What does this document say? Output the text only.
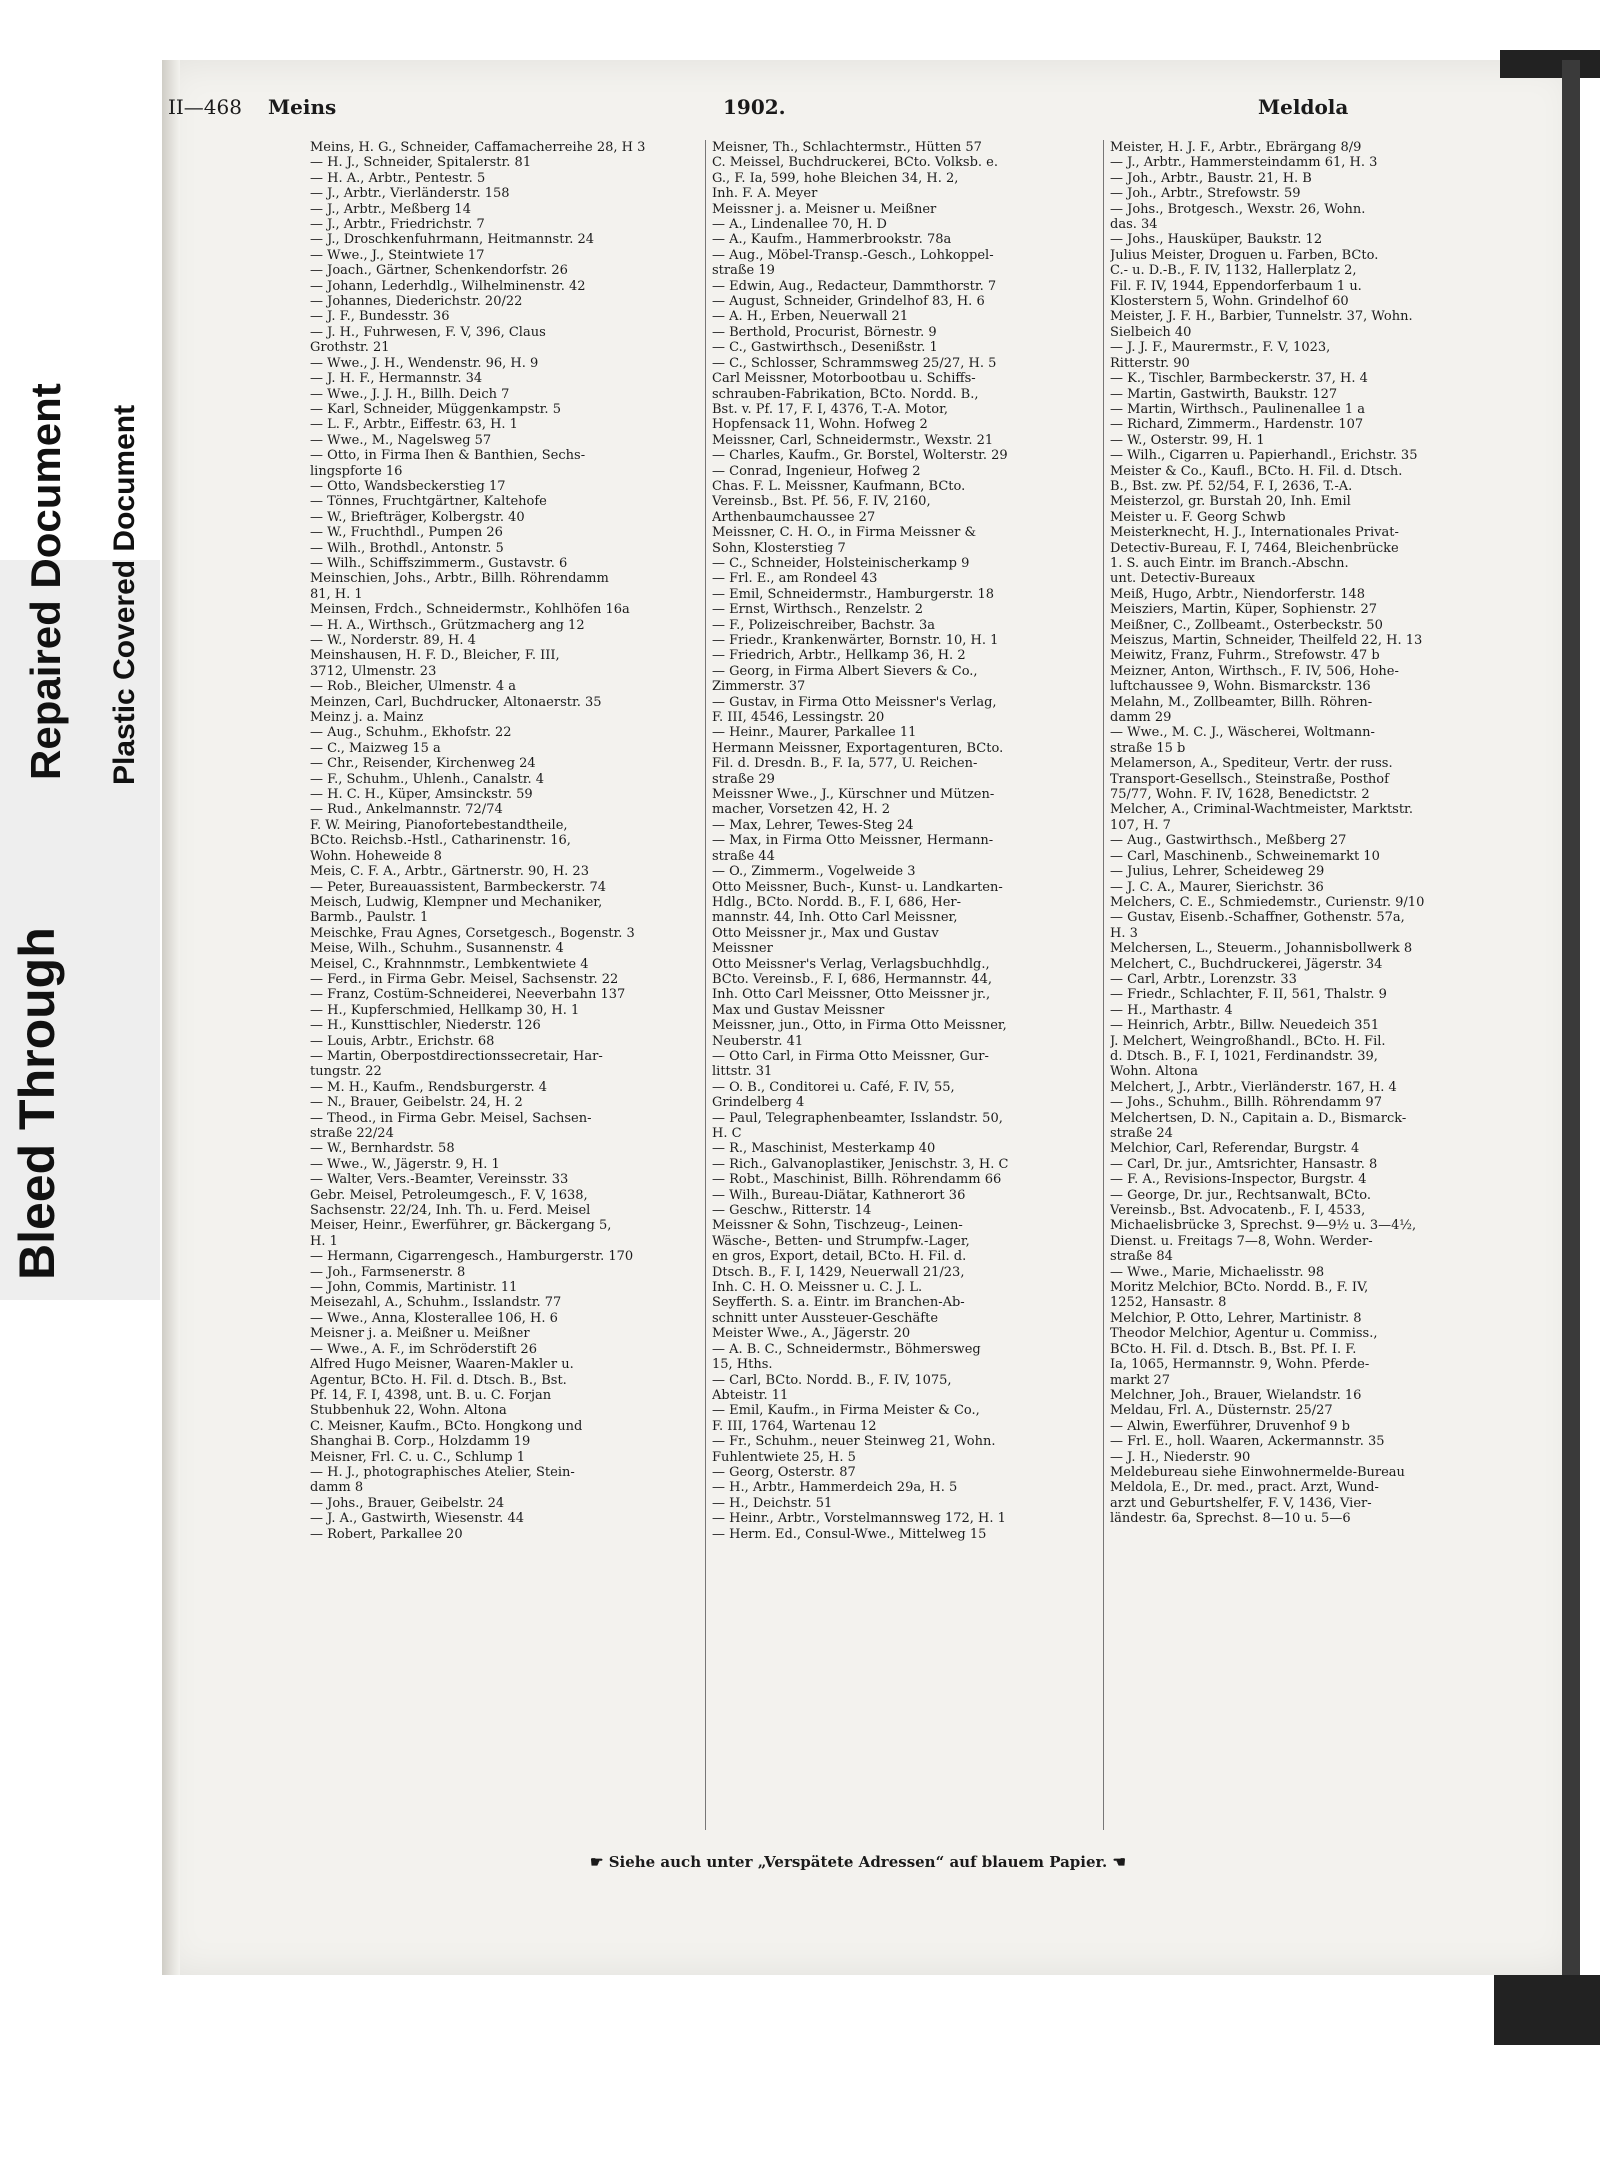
Bleed Through
Repaired Document Plastic Covered Document
II—468 Meins	1902.	Meldola
Meins, H. G., Schneider, Caffamacherreihe 28, H 3
— H. J., Schneider, Spitalerstr. 81
— H. A., Arbtr., Pentestr. 5
— J., Arbtr., Vierländerstr. 158
— J., Arbtr., Meßberg 14
— J., Arbtr., Friedrichstr. 7
— J., Droschkenfuhrmann, Heitmannstr. 24
— Wwe., J., Steintwiete 17
— Joach., Gärtner, Schenkendorfstr. 26
— Johann, Lederhdlg., Wilhelminenstr. 42
— Johannes, Diederichstr. 20/22
— J. F., Bundesstr. 36
— J. H., Fuhrwesen, F. V, 396, Claus
Grothstr. 21
— Wwe., J. H., Wendenstr. 96, H. 9
— J. H. F., Hermannstr. 34
— Wwe., J. J. H., Billh. Deich 7
— Karl, Schneider, Müggenkampstr. 5
— L. F., Arbtr., Eiffestr. 63, H. 1
— Wwe., M., Nagelsweg 57
— Otto, in Firma Ihen & Banthien, Sechs-
lingspforte 16
— Otto, Wandsbeckerstieg 17
— Tönnes, Fruchtgärtner, Kaltehofe
— W., Briefträger, Kolbergstr. 40
— W., Fruchthdl., Pumpen 26
— Wilh., Brothdl., Antonstr. 5
— Wilh., Schiffszimmerm., Gustavstr. 6
Meinschien, Johs., Arbtr., Billh. Röhrendamm
81, H. 1
Meinsen, Frdch., Schneidermstr., Kohlhöfen 16a
— H. A., Wirthsch., Grützmacherg ang 12
— W., Norderstr. 89, H. 4
Meinshausen, H. F. D., Bleicher, F. III,
3712, Ulmenstr. 23
— Rob., Bleicher, Ulmenstr. 4 a
Meinzen, Carl, Buchdrucker, Altonaerstr. 35
Meinz j. a. Mainz
— Aug., Schuhm., Ekhofstr. 22
— C., Maizweg 15 a
— Chr., Reisender, Kirchenweg 24
— F., Schuhm., Uhlenh., Canalstr. 4
— H. C. H., Küper, Amsinckstr. 59
— Rud., Ankelmannstr. 72/74
F. W. Meiring, Pianofortebestandtheile,
BCto. Reichsb.-Hstl., Catharinenstr. 16,
Wohn. Hoheweide 8
Meis, C. F. A., Arbtr., Gärtnerstr. 90, H. 23
— Peter, Bureauassistent, Barmbeckerstr. 74
Meisch, Ludwig, Klempner und Mechaniker,
Barmb., Paulstr. 1
Meischke, Frau Agnes, Corsetgesch., Bogenstr. 3
Meise, Wilh., Schuhm., Susannenstr. 4
Meisel, C., Krahnnmstr., Lembkentwiete 4
— Ferd., in Firma Gebr. Meisel, Sachsenstr. 22
— Franz, Costüm-Schneiderei, Neeverbahn 137
— H., Kupferschmied, Hellkamp 30, H. 1
— H., Kunsttischler, Niederstr. 126
— Louis, Arbtr., Erichstr. 68
— Martin, Oberpostdirectionssecretair, Har-
tungstr. 22
— M. H., Kaufm., Rendsburgerstr. 4
— N., Brauer, Geibelstr. 24, H. 2
— Theod., in Firma Gebr. Meisel, Sachsen-
straße 22/24
— W., Bernhardstr. 58
— Wwe., W., Jägerstr. 9, H. 1
— Walter, Vers.-Beamter, Vereinsstr. 33
Gebr. Meisel, Petroleumgesch., F. V, 1638,
Sachsenstr. 22/24, Inh. Th. u. Ferd. Meisel
Meiser, Heinr., Ewerführer, gr. Bäckergang 5,
H. 1
— Hermann, Cigarrengesch., Hamburgerstr. 170
— Joh., Farmsenerstr. 8
— John, Commis, Martinistr. 11
Meisezahl, A., Schuhm., Isslandstr. 77
— Wwe., Anna, Klosterallee 106, H. 6
Meisner j. a. Meißner u. Meißner
— Wwe., A. F., im Schröderstift 26
Alfred Hugo Meisner, Waaren-Makler u.
Agentur, BCto. H. Fil. d. Dtsch. B., Bst.
Pf. 14, F. I, 4398, unt. B. u. C. Forjan
Stubbenhuk 22, Wohn. Altona
C. Meisner, Kaufm., BCto. Hongkong und
Shanghai B. Corp., Holzdamm 19
Meisner, Frl. C. u. C., Schlump 1
— H. J., photographisches Atelier, Stein-
damm 8
— Johs., Brauer, Geibelstr. 24
— J. A., Gastwirth, Wiesenstr. 44
— Robert, Parkallee 20
Meisner, Th., Schlachtermstr., Hütten 57
C. Meissel, Buchdruckerei, BCto. Volksb. e.
G., F. Ia, 599, hohe Bleichen 34, H. 2,
Inh. F. A. Meyer
Meissner j. a. Meisner u. Meißner
— A., Lindenallee 70, H. D
— A., Kaufm., Hammerbrookstr. 78a
— Aug., Möbel-Transp.-Gesch., Lohkoppel-
straße 19
— Edwin, Aug., Redacteur, Dammthorstr. 7
— August, Schneider, Grindelhof 83, H. 6
— A. H., Erben, Neuerwall 21
— Berthold, Procurist, Börnestr. 9
— C., Gastwirthsch., Desenißstr. 1
— C., Schlosser, Schrammsweg 25/27, H. 5
Carl Meissner, Motorbootbau u. Schiffs-
schrauben-Fabrikation, BCto. Nordd. B.,
Bst. v. Pf. 17, F. I, 4376, T.-A. Motor,
Hopfensack 11, Wohn. Hofweg 2
Meissner, Carl, Schneidermstr., Wexstr. 21
— Charles, Kaufm., Gr. Borstel, Wolterstr. 29
— Conrad, Ingenieur, Hofweg 2
Chas. F. L. Meissner, Kaufmann, BCto.
Vereinsb., Bst. Pf. 56, F. IV, 2160,
Arthenbaumchaussee 27
Meissner, C. H. O., in Firma Meissner &
Sohn, Klosterstieg 7
— C., Schneider, Holsteinischerkamp 9
— Frl. E., am Rondeel 43
— Emil, Schneidermstr., Hamburgerstr. 18
— Ernst, Wirthsch., Renzelstr. 2
— F., Polizeischreiber, Bachstr. 3a
— Friedr., Krankenwärter, Bornstr. 10, H. 1
— Friedrich, Arbtr., Hellkamp 36, H. 2
— Georg, in Firma Albert Sievers & Co.,
Zimmerstr. 37
— Gustav, in Firma Otto Meissner's Verlag,
F. III, 4546, Lessingstr. 20
— Heinr., Maurer, Parkallee 11
Hermann Meissner, Exportagenturen, BCto.
Fil. d. Dresdn. B., F. Ia, 577, U. Reichen-
straße 29
Meissner Wwe., J., Kürschner und Mützen-
macher, Vorsetzen 42, H. 2
— Max, Lehrer, Tewes-Steg 24
— Max, in Firma Otto Meissner, Hermann-
straße 44
— O., Zimmerm., Vogelweide 3
Otto Meissner, Buch-, Kunst- u. Landkarten-
Hdlg., BCto. Nordd. B., F. I, 686, Her-
mannstr. 44, Inh. Otto Carl Meissner,
Otto Meissner jr., Max und Gustav
Meissner
Otto Meissner's Verlag, Verlagsbuchhdlg.,
BCto. Vereinsb., F. I, 686, Hermannstr. 44,
Inh. Otto Carl Meissner, Otto Meissner jr.,
Max und Gustav Meissner
Meissner, jun., Otto, in Firma Otto Meissner,
Neuberstr. 41
— Otto Carl, in Firma Otto Meissner, Gur-
littstr. 31
— O. B., Conditorei u. Café, F. IV, 55,
Grindelberg 4
— Paul, Telegraphenbeamter, Isslandstr. 50,
H. C
— R., Maschinist, Mesterkamp 40
— Rich., Galvanoplastiker, Jenischstr. 3, H. C
— Robt., Maschinist, Billh. Röhrendamm 66
— Wilh., Bureau-Diätar, Kathnerort 36
— Geschw., Ritterstr. 14
Meissner & Sohn, Tischzeug-, Leinen-
Wäsche-, Betten- und Strumpfw.-Lager,
en gros, Export, detail, BCto. H. Fil. d.
Dtsch. B., F. I, 1429, Neuerwall 21/23,
Inh. C. H. O. Meissner u. C. J. L.
Seyfferth. S. a. Eintr. im Branchen-Ab-
schnitt unter Aussteuer-Geschäfte
Meister Wwe., A., Jägerstr. 20
— A. B. C., Schneidermstr., Böhmersweg
15, Hths.
— Carl, BCto. Nordd. B., F. IV, 1075,
Abteistr. 11
— Emil, Kaufm., in Firma Meister & Co.,
F. III, 1764, Wartenau 12
— Fr., Schuhm., neuer Steinweg 21, Wohn.
Fuhlentwiete 25, H. 5
— Georg, Osterstr. 87
— H., Arbtr., Hammerdeich 29a, H. 5
— H., Deichstr. 51
— Heinr., Arbtr., Vorstelmannsweg 172, H. 1
— Herm. Ed., Consul-Wwe., Mittelweg 15
Meister, H. J. F., Arbtr., Ebrärgang 8/9
— J., Arbtr., Hammersteindamm 61, H. 3
— Joh., Arbtr., Baustr. 21, H. B
— Joh., Arbtr., Strefowstr. 59
— Johs., Brotgesch., Wexstr. 26, Wohn.
das. 34
— Johs., Hausküper, Baukstr. 12
Julius Meister, Droguen u. Farben, BCto.
C.- u. D.-B., F. IV, 1132, Hallerplatz 2,
Fil. F. IV, 1944, Eppendorferbaum 1 u.
Klosterstern 5, Wohn. Grindelhof 60
Meister, J. F. H., Barbier, Tunnelstr. 37, Wohn.
Sielbeich 40
— J. J. F., Maurermstr., F. V, 1023,
Ritterstr. 90
— K., Tischler, Barmbeckerstr. 37, H. 4
— Martin, Gastwirth, Baukstr. 127
— Martin, Wirthsch., Paulinenallee 1 a
— Richard, Zimmerm., Hardenstr. 107
— W., Osterstr. 99, H. 1
— Wilh., Cigarren u. Papierhandl., Erichstr. 35
Meister & Co., Kaufl., BCto. H. Fil. d. Dtsch.
B., Bst. zw. Pf. 52/54, F. I, 2636, T.-A.
Meisterzol, gr. Burstah 20, Inh. Emil
Meister u. F. Georg Schwb
Meisterknecht, H. J., Internationales Privat-
Detectiv-Bureau, F. I, 7464, Bleichenbrücke
1. S. auch Eintr. im Branch.-Abschn.
unt. Detectiv-Bureaux
Meiß, Hugo, Arbtr., Niendorferstr. 148
Meisziers, Martin, Küper, Sophienstr. 27
Meißner, C., Zollbeamt., Osterbeckstr. 50
Meiszus, Martin, Schneider, Theilfeld 22, H. 13
Meiwitz, Franz, Fuhrm., Strefowstr. 47 b
Meizner, Anton, Wirthsch., F. IV, 506, Hohe-
luftchaussee 9, Wohn. Bismarckstr. 136
Melahn, M., Zollbeamter, Billh. Röhren-
damm 29
— Wwe., M. C. J., Wäscherei, Woltmann-
straße 15 b
Melamerson, A., Spediteur, Vertr. der russ.
Transport-Gesellsch., Steinstraße, Posthof
75/77, Wohn. F. IV, 1628, Benedictstr. 2
Melcher, A., Criminal-Wachtmeister, Marktstr.
107, H. 7
— Aug., Gastwirthsch., Meßberg 27
— Carl, Maschinenb., Schweinemarkt 10
— Julius, Lehrer, Scheideweg 29
— J. C. A., Maurer, Sierichstr. 36
Melchers, C. E., Schmiedemstr., Curienstr. 9/10
— Gustav, Eisenb.-Schaffner, Gothenstr. 57a,
H. 3
Melchersen, L., Steuerm., Johannisbollwerk 8
Melchert, C., Buchdruckerei, Jägerstr. 34
— Carl, Arbtr., Lorenzstr. 33
— Friedr., Schlachter, F. II, 561, Thalstr. 9
— H., Marthastr. 4
— Heinrich, Arbtr., Billw. Neuedeich 351
J. Melchert, Weingroßhandl., BCto. H. Fil.
d. Dtsch. B., F. I, 1021, Ferdinandstr. 39,
Wohn. Altona
Melchert, J., Arbtr., Vierländerstr. 167, H. 4
— Johs., Schuhm., Billh. Röhrendamm 97
Melchertsen, D. N., Capitain a. D., Bismarck-
straße 24
Melchior, Carl, Referendar, Burgstr. 4
— Carl, Dr. jur., Amtsrichter, Hansastr. 8
— F. A., Revisions-Inspector, Burgstr. 4
— George, Dr. jur., Rechtsanwalt, BCto.
Vereinsb., Bst. Advocatenb., F. I, 4533,
Michaelisbrücke 3, Sprechst. 9—9½ u. 3—4½,
Dienst. u. Freitags 7—8, Wohn. Werder-
straße 84
— Wwe., Marie, Michaelisstr. 98
Moritz Melchior, BCto. Nordd. B., F. IV,
1252, Hansastr. 8
Melchior, P. Otto, Lehrer, Martinistr. 8
Theodor Melchior, Agentur u. Commiss.,
BCto. H. Fil. d. Dtsch. B., Bst. Pf. I. F.
Ia, 1065, Hermannstr. 9, Wohn. Pferde-
markt 27
Melchner, Joh., Brauer, Wielandstr. 16
Meldau, Frl. A., Düsternstr. 25/27
— Alwin, Ewerführer, Druvenhof 9 b
— Frl. E., holl. Waaren, Ackermannstr. 35
— J. H., Niederstr. 90
Meldebureau siehe Einwohnermelde-Bureau
Meldola, E., Dr. med., pract. Arzt, Wund-
arzt und Geburtshelfer, F. V, 1436, Vier-
ländestr. 6a, Sprechst. 8—10 u. 5—6
☛ Siehe auch unter „Verspätete Adressen“ auf blauem Papier. ☚
